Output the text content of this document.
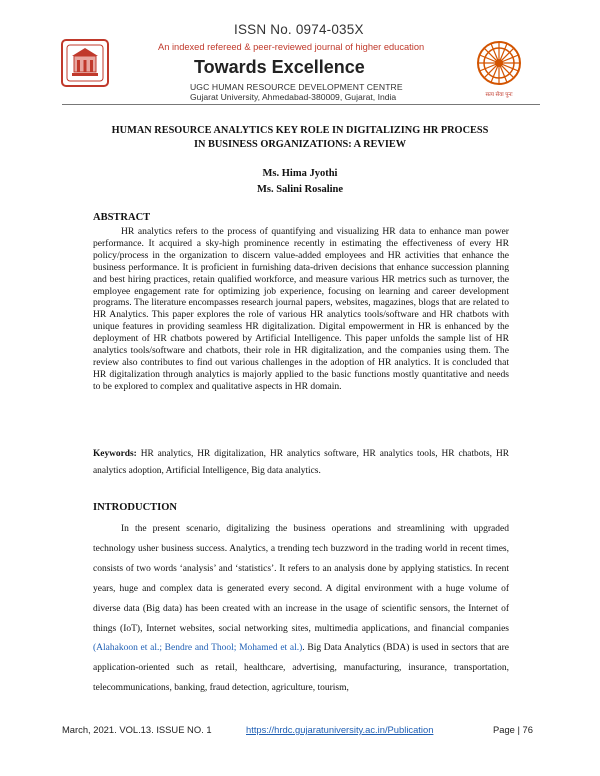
ISSN No. 0974-035X
An indexed refereed & peer-reviewed journal of higher education
Towards Excellence
UGC HUMAN RESOURCE DEVELOPMENT CENTRE
Gujarat University, Ahmedabad-380009, Gujarat, India	सत्य सेवा पुनः
HUMAN RESOURCE ANALYTICS KEY ROLE IN DIGITALIZING HR PROCESS
IN BUSINESS ORGANIZATIONS: A REVIEW
Ms. Hima Jyothi
Ms. Salini Rosaline
ABSTRACT

HR analytics refers to the process of quantifying and visualizing HR data to enhance man power performance. It acquired a sky-high prominence recently in estimating the effectiveness of every HR policy/process in the organization to discern value-added employees and HR activities that enhance the business performance. It is proficient in furnishing data-driven decisions that enhance succession planning and best hiring practices, retain qualified workforce, and measure various HR metrics such as turnover, the employee engagement rate for optimizing job experience, focusing on learning and career development programs. The literature encompasses research journal papers, websites, magazines, blogs that are related to HR Analytics. This paper explores the role of various HR analytics tools/software and HR chatbots with unique features in providing seamless HR digitalization. Digital empowerment in HR is enhanced by the deployment of HR chatbots powered by Artificial Intelligence. This paper unfolds the sample list of HR analytics tools/software and chatbots, their role in HR digitalization, and the companies using them. The review also contributes to find out various challenges in the adoption of HR analytics. It is concluded that HR digitalization through analytics is majorly applied to the basic functions mostly quantitative and needs to be explored to complex and qualitative aspects in HR domain.

Keywords: HR analytics, HR digitalization, HR analytics software, HR analytics tools, HR chatbots, HR analytics adoption, Artificial Intelligence, Big data analytics.

INTRODUCTION

In the present scenario, digitalizing the business operations and streamlining with upgraded technology usher business success. Analytics, a trending tech buzzword in the trading world in recent times, consists of two words ‘analysis’ and ‘statistics’. It refers to an analysis done by applying statistics. In recent years, huge and complex data is generated every second. A digital environment with a huge volume of diverse data (Big data) has been created with an increase in the usage of scientific sensors, the Internet of things (IoT), Internet websites, social networking sites, multimedia applications, and financial companies (Alahakoon et al.; Bendre and Thool; Mohamed et al.). Big Data Analytics (BDA) is used in sectors that are application-oriented such as retail, healthcare, advertising, manufacturing, insurance, transportation, telecommunications, banking, fraud detection, agriculture, tourism,

March, 2021. VOL.13. ISSUE NO. 1	https://hrdc.gujaratuniversity.ac.in/Publication	Page | 76
